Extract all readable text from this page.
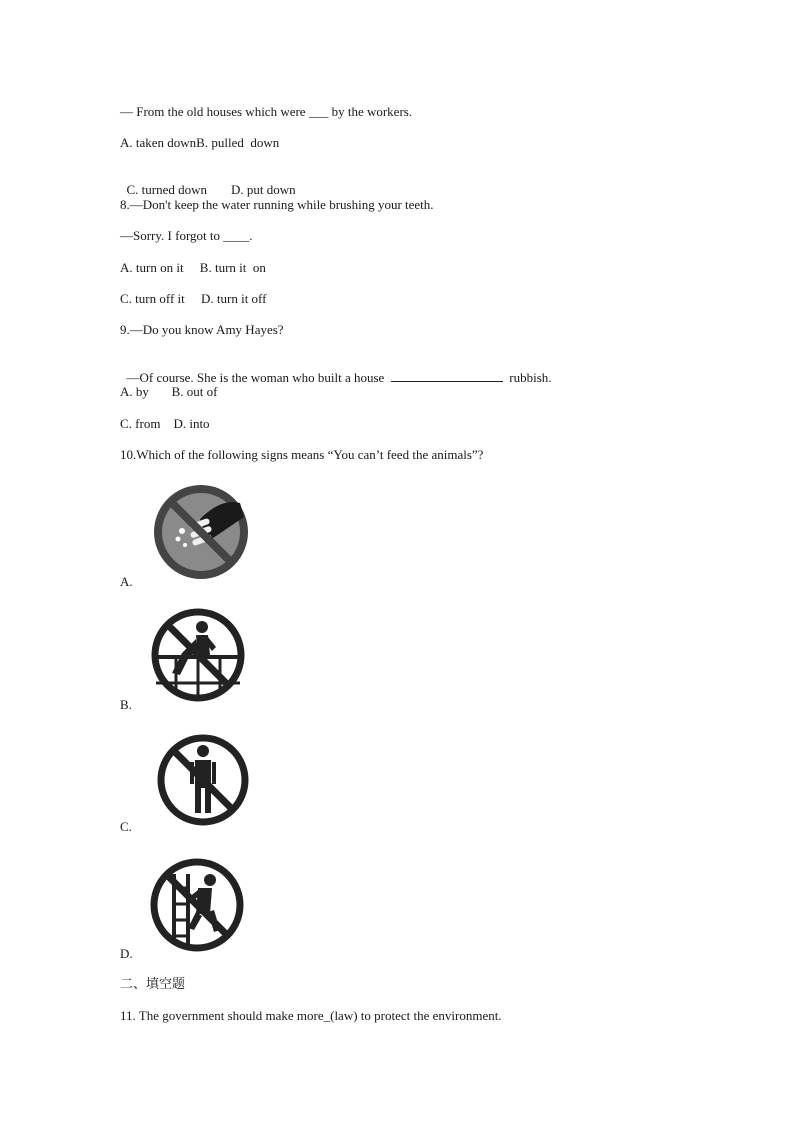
— From the old houses which were ___ by the workers.
A. taken downB. pulled  down

C. turned down D. put down

8.—Don't keep the water running while brushing your teeth.
—Sorry. I forgot to ____.
A. turn on it     B. turn it  on
C. turn off it     D. turn it off
9.—Do you know Amy Hayes?

—Of course. She is the woman who built a house	rubbish.

A. by       B. out of
C. from    D. into
10.Which of the following signs means “You can’t feed the animals”?
A.
B.
C.
D.
二、填空题
11. The government should make more_(law) to protect the environment.
